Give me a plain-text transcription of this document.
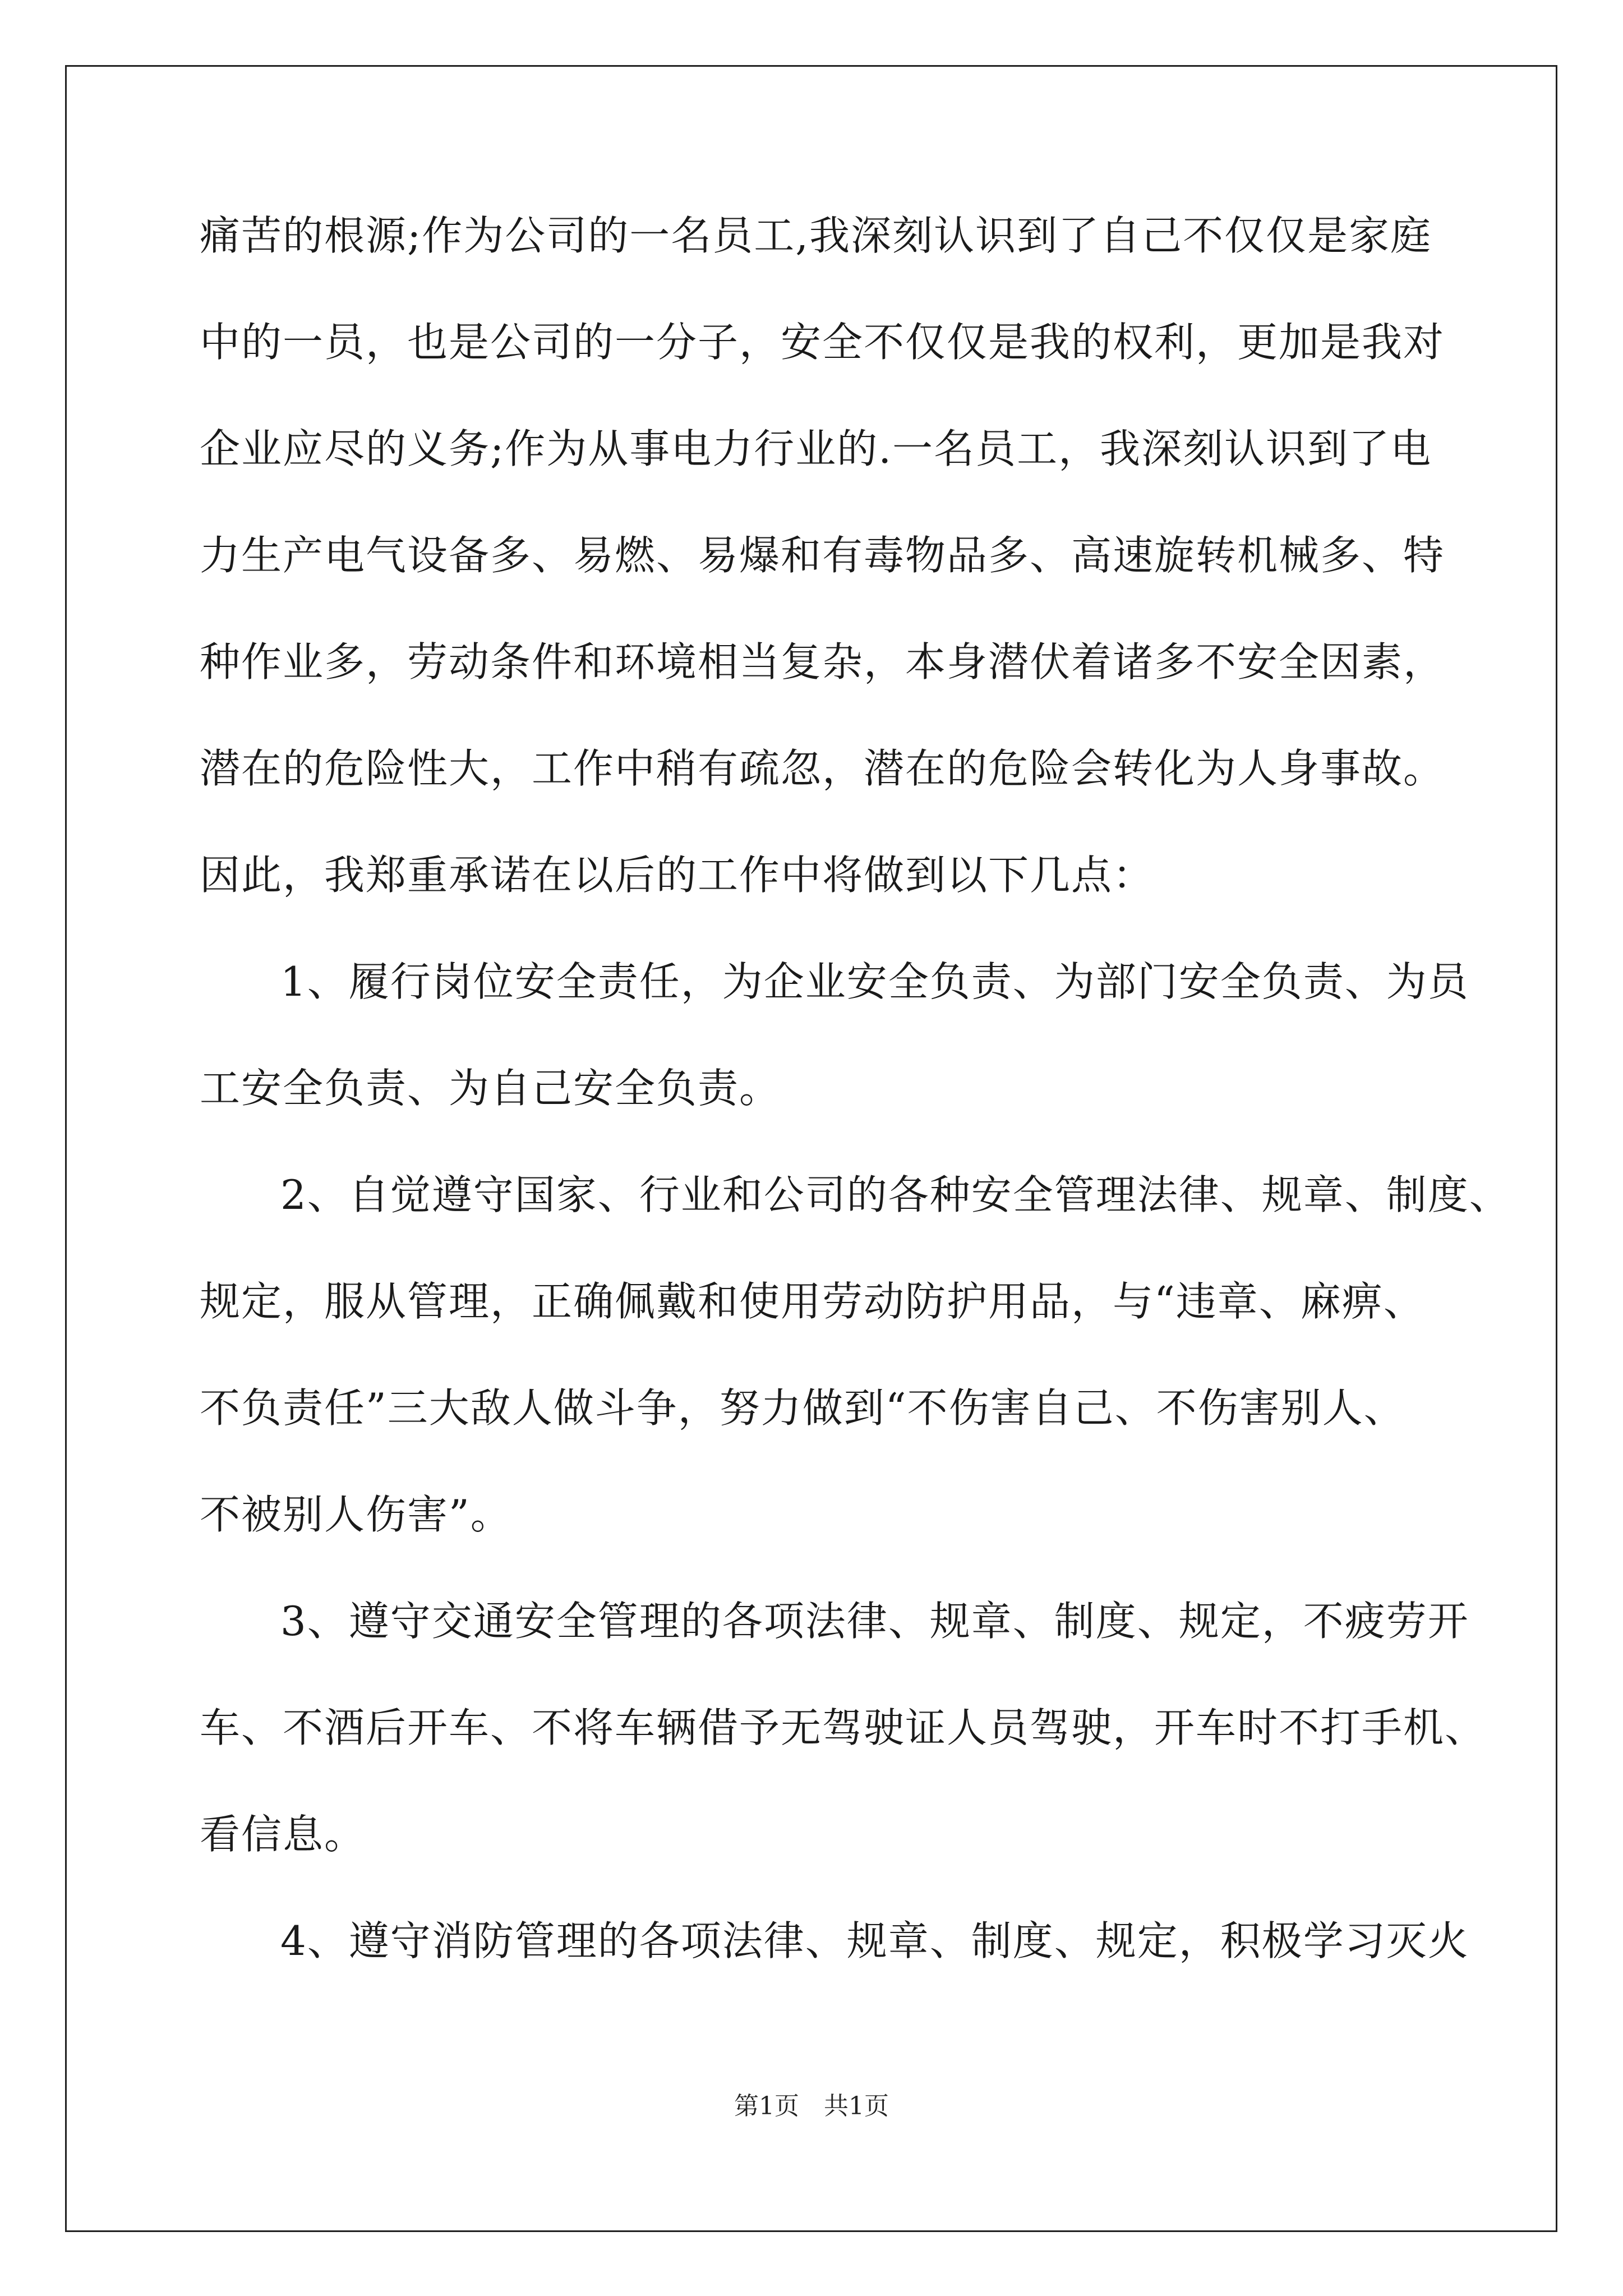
痛苦的根源;作为公司的一名员工,我深刻认识到了自己不仅仅是家庭
中的一员，也是公司的一分子，安全不仅仅是我的权利，更加是我对
企业应尽的义务;作为从事电力行业的.一名员工，我深刻认识到了电
力生产电气设备多、易燃、易爆和有毒物品多、高速旋转机械多、特
种作业多，劳动条件和环境相当复杂，本身潜伏着诸多不安全因素，
潜在的危险性大，工作中稍有疏忽，潜在的危险会转化为人身事故。
因此，我郑重承诺在以后的工作中将做到以下几点：
1、履行岗位安全责任，为企业安全负责、为部门安全负责、为员
工安全负责、为自己安全负责。
2、自觉遵守国家、行业和公司的各种安全管理法律、规章、制度、
规定，服从管理，正确佩戴和使用劳动防护用品，与“违章、麻痹、
不负责任”三大敌人做斗争，努力做到“不伤害自己、不伤害别人、
不被别人伤害”。
3、遵守交通安全管理的各项法律、规章、制度、规定，不疲劳开
车、不酒后开车、不将车辆借予无驾驶证人员驾驶，开车时不打手机、
看信息。
4、遵守消防管理的各项法律、规章、制度、规定，积极学习灭火
第1页　共1页
